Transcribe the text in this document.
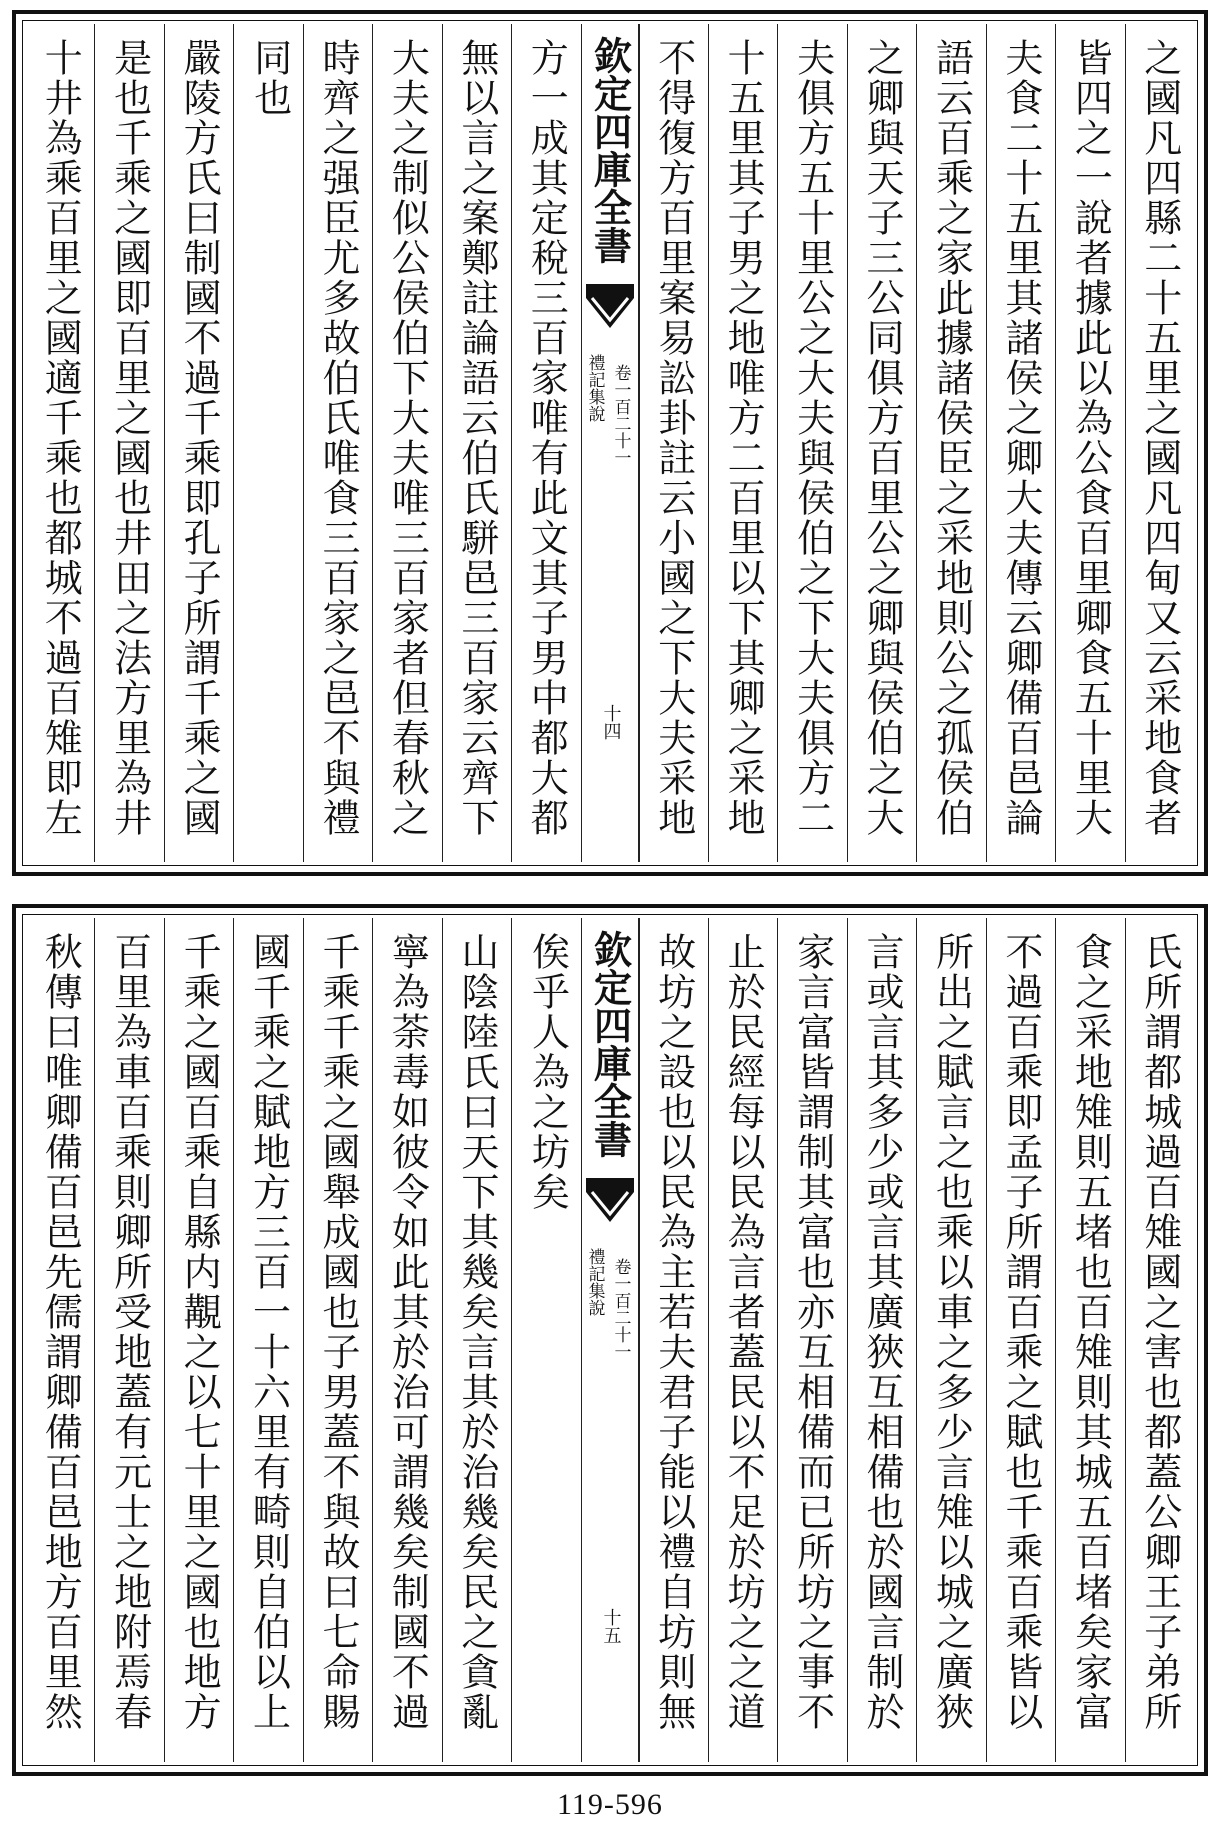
之國凡四縣二十五里之國凡四甸又云采地食者
皆四之一說者據此以為公食百里卿食五十里大
夫食二十五里其諸侯之卿大夫傳云卿備百邑論
語云百乘之家此據諸侯臣之采地則公之孤侯伯
之卿與天子三公同俱方百里公之卿與侯伯之大
夫俱方五十里公之大夫與侯伯之下大夫俱方二
十五里其子男之地唯方二百里以下其卿之采地
不得復方百里案易訟卦註云小國之下大夫采地
欽定四庫全書
禮記集說 卷一百二十一
十四
方一成其定稅三百家唯有此文其子男中都大都
無以言之案鄭註論語云伯氏駢邑三百家云齊下
大夫之制似公侯伯下大夫唯三百家者但春秋之
時齊之强臣尤多故伯氏唯食三百家之邑不與禮
同也
嚴陵方氏曰制國不過千乘即孔子所謂千乘之國
是也千乘之國即百里之國也井田之法方里為井
十井為乘百里之國適千乘也都城不過百雉即左
氏所謂都城過百雉國之害也都蓋公卿王子弟所
食之采地雉則五堵也百雉則其城五百堵矣家富
不過百乘即孟子所謂百乘之賦也千乘百乘皆以
所出之賦言之也乘以車之多少言雉以城之廣狹
言或言其多少或言其廣狹互相備也於國言制於
家言富皆謂制其富也亦互相備而已所坊之事不
止於民經每以民為言者蓋民以不足於坊之之道
故坊之設也以民為主若夫君子能以禮自坊則無
欽定四庫全書
禮記集說 卷一百二十一
十五
俟乎人為之坊矣
山陰陸氏曰天下其幾矣言其於治幾矣民之貪亂
寧為荼毒如彼令如此其於治可謂幾矣制國不過
千乘千乘之國舉成國也子男蓋不與故曰七命賜
國千乘之賦地方三百一十六里有畸則自伯以上
千乘之國百乘自縣内覯之以七十里之國也地方
百里為車百乘則卿所受地蓋有元士之地附焉春
秋傳曰唯卿備百邑先儒謂卿備百邑地方百里然
119-596
